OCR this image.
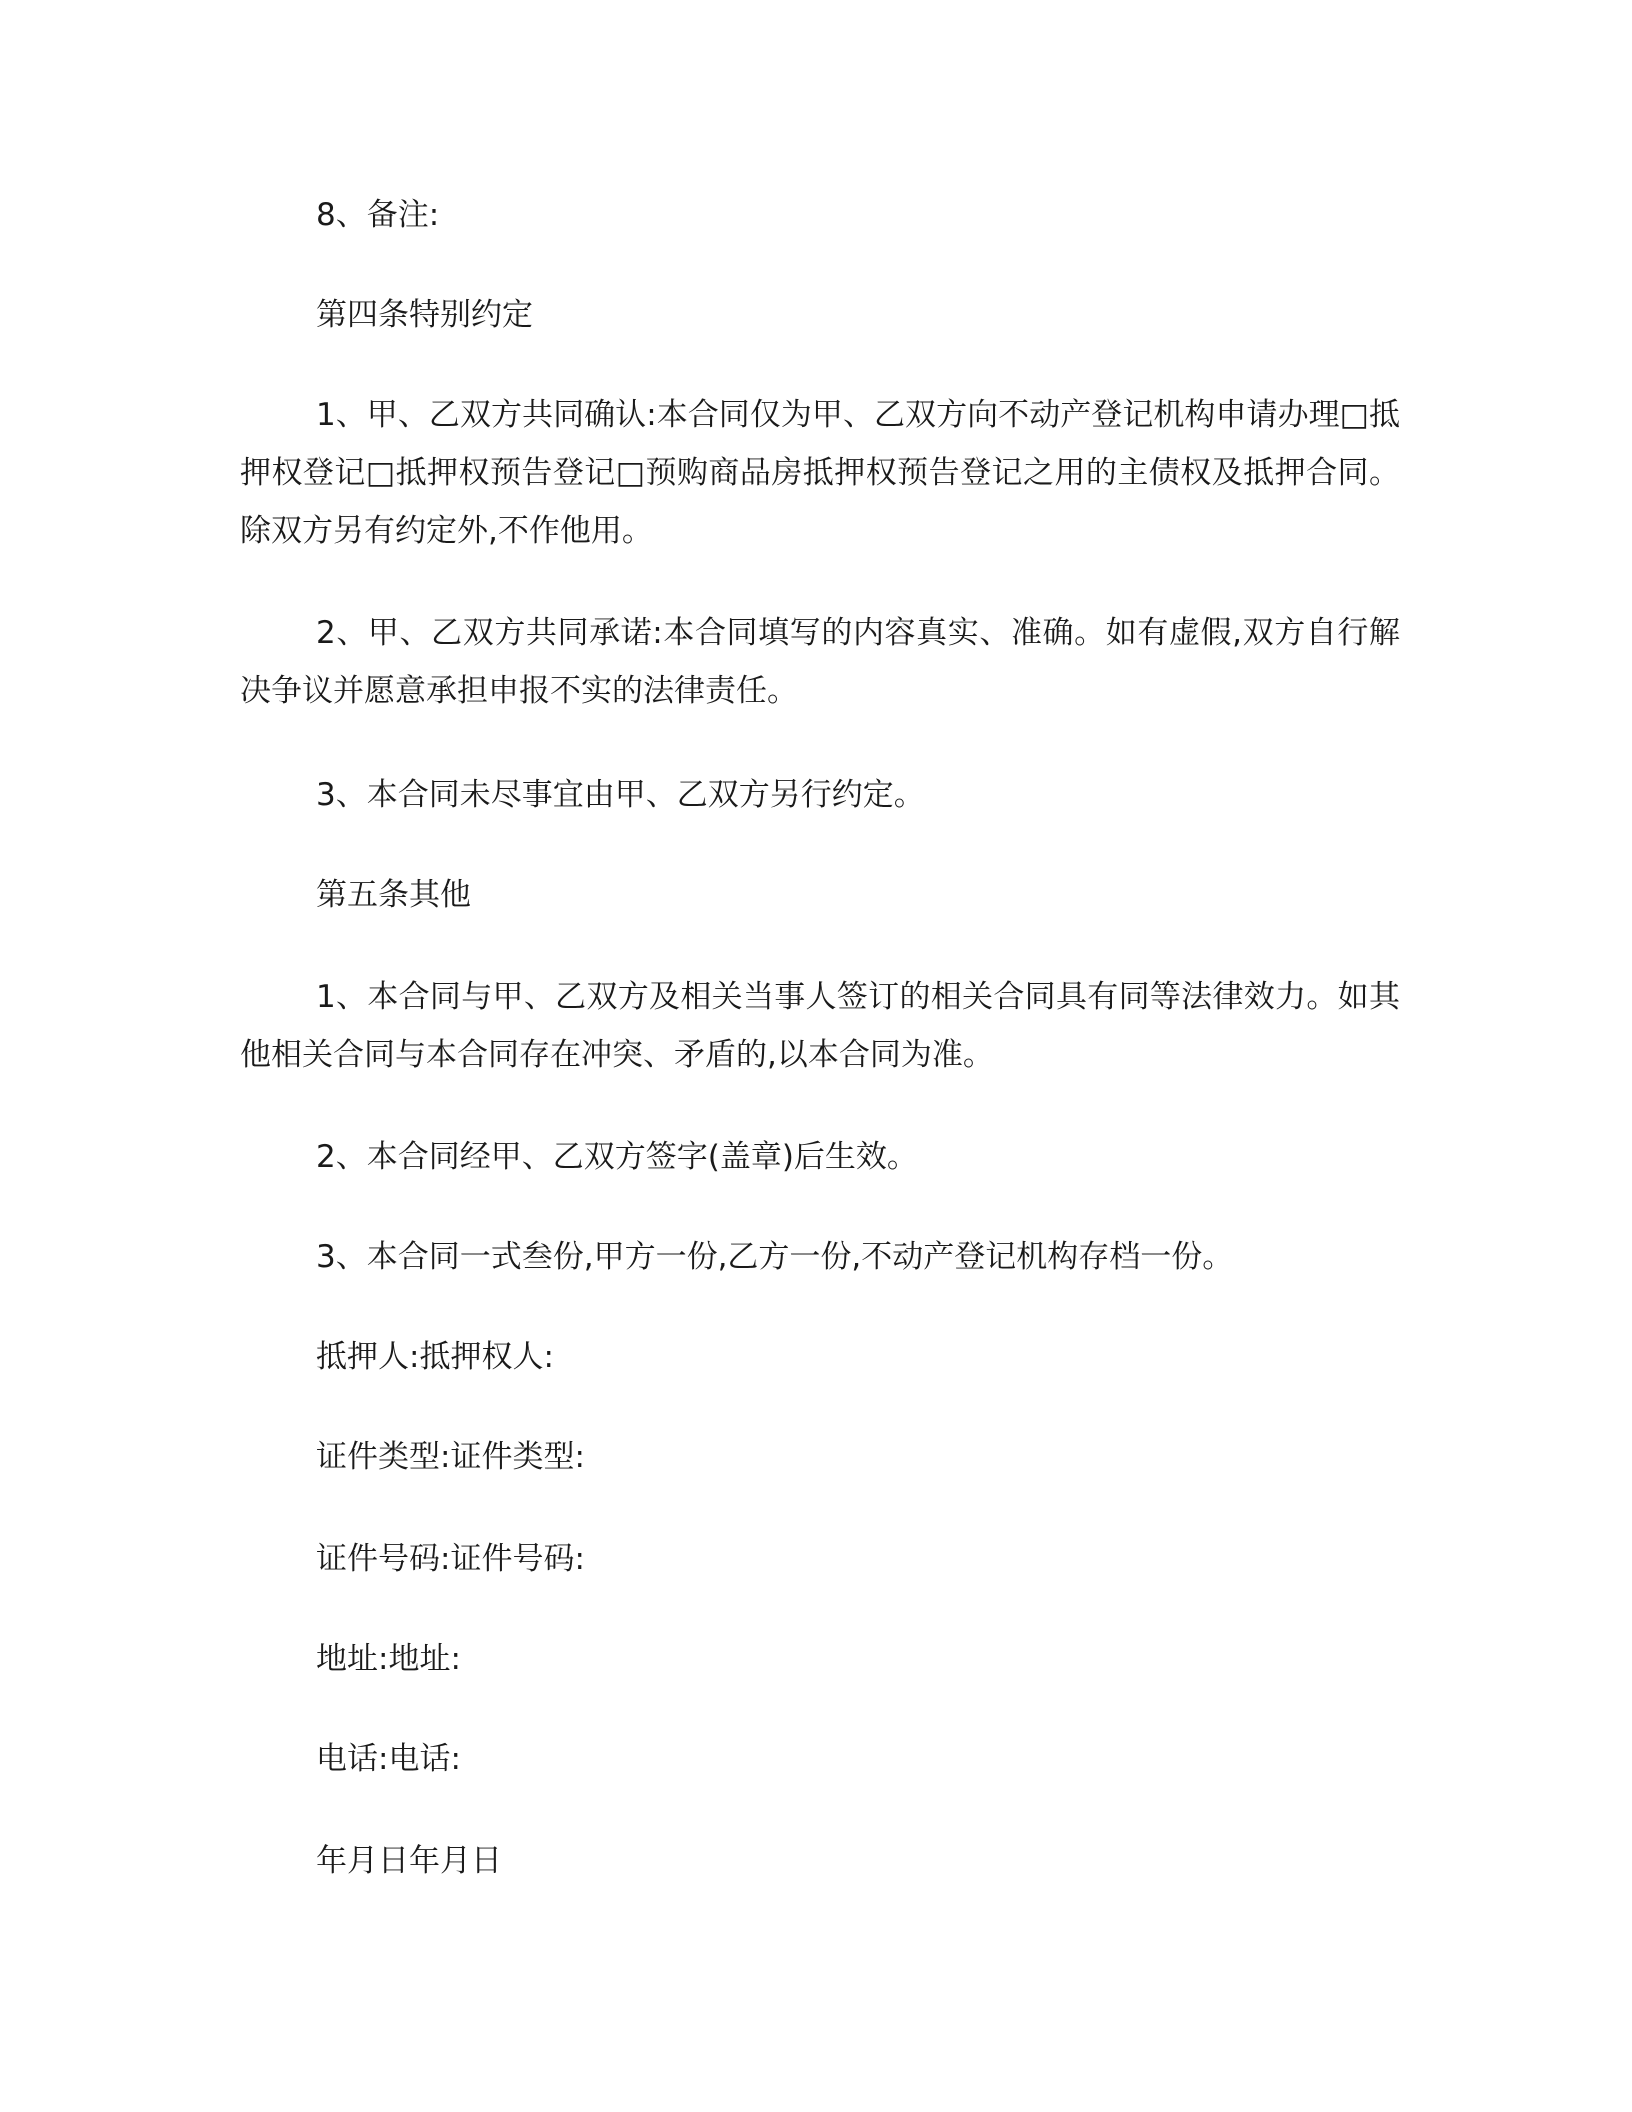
8、备注:
第四条特别约定
1、甲、乙双方共同确认:本合同仅为甲、乙双方向不动产登记机构申请办理□抵押权登记□抵押权预告登记□预购商品房抵押权预告登记之用的主债权及抵押合同。除双方另有约定外,不作他用。
2、甲、乙双方共同承诺:本合同填写的内容真实、准确。如有虚假,双方自行解决争议并愿意承担申报不实的法律责任。
3、本合同未尽事宜由甲、乙双方另行约定。
第五条其他
1、本合同与甲、乙双方及相关当事人签订的相关合同具有同等法律效力。如其他相关合同与本合同存在冲突、矛盾的,以本合同为准。
2、本合同经甲、乙双方签字(盖章)后生效。
3、本合同一式叁份,甲方一份,乙方一份,不动产登记机构存档一份。
抵押人:抵押权人:
证件类型:证件类型:
证件号码:证件号码:
地址:地址:
电话:电话:
年月日年月日
